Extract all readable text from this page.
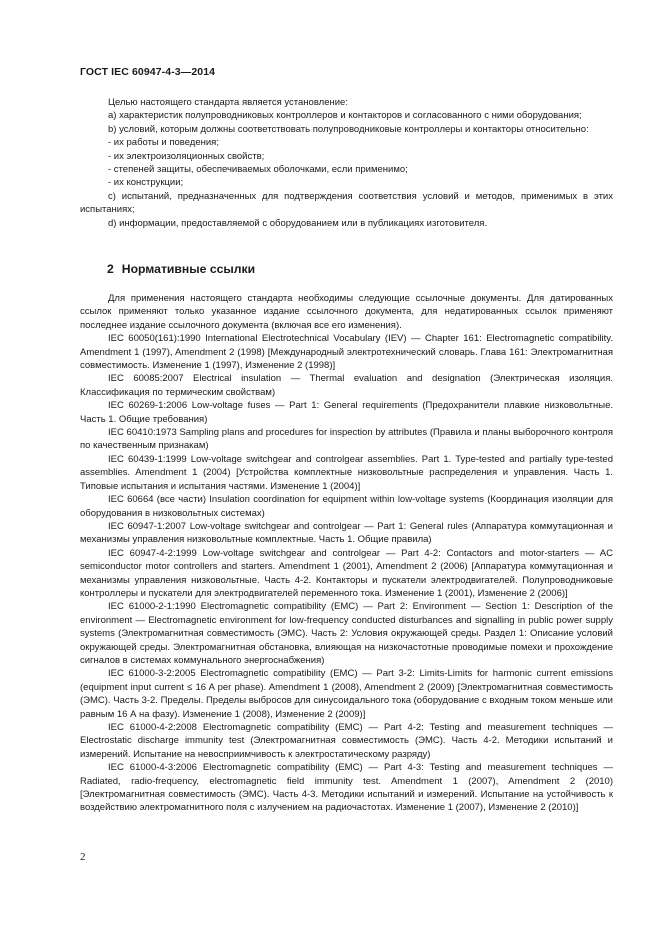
ГОСТ IEC 60947-4-3—2014

Целью настоящего стандарта является установление:

a) характеристик полупроводниковых контроллеров и контакторов и согласованного с ними оборудования;

b) условий, которым должны соответствовать полупроводниковые контроллеры и контакторы относительно:

- их работы и поведения;

- их электроизоляционных свойств;

- степеней защиты, обеспечиваемых оболочками, если применимо;

- их конструкции;

c) испытаний, предназначенных для подтверждения соответствия условий и методов, применимых в этих испытаниях;

d) информации, предоставляемой с оборудованием или в публикациях изготовителя.

2 Нормативные ссылки

Для применения настоящего стандарта необходимы следующие ссылочные документы. Для датированных ссылок применяют только указанное издание ссылочного документа, для недатированных ссылок применяют последнее издание ссылочного документа (включая все его изменения).

IEC 60050(161):1990 International Electrotechnical Vocabulary (IEV) — Chapter 161: Electromagnetic compatibility. Amendment 1 (1997), Amendment 2 (1998) [Международный электротехнический словарь. Глава 161: Электромагнитная совместимость. Изменение 1 (1997), Изменение 2 (1998)]

IEC 60085:2007 Electrical insulation — Thermal evaluation and designation (Электрическая изоляция. Классификация по термическим свойствам)

IEC 60269-1:2006 Low-voltage fuses — Part 1: General requirements (Предохранители плавкие низковольтные. Часть 1. Общие требования)

IEC 60410:1973 Sampling plans and procedures for inspection by attributes (Правила и планы выборочного контроля по качественным признакам)

IEC 60439-1:1999 Low-voltage switchgear and controlgear assemblies. Part 1. Type-tested and partially type-tested assemblies. Amendment 1 (2004) [Устройства комплектные низковольтные распределения и управления. Часть 1. Типовые испытания и испытания частями. Изменение 1 (2004)]

IEC 60664 (все части) Insulation coordination for equipment within low-voltage systems (Координация изоляции для оборудования в низковольтных системах)

IEC 60947-1:2007 Low-voltage switchgear and controlgear — Part 1: General rules (Аппаратура коммутационная и механизмы управления низковольтные комплектные. Часть 1. Общие правила)

IEC 60947-4-2:1999 Low-voltage switchgear and controlgear — Part 4-2: Contactors and motor-starters — AC semiconductor motor controllers and starters. Amendment 1 (2001), Amendment 2 (2006) [Аппаратура коммутационная и механизмы управления низковольтные. Часть 4-2. Контакторы и пускатели электродвигателей. Полупроводниковые контроллеры и пускатели для электродвигателей переменного тока. Изменение 1 (2001), Изменение 2 (2006)]

IEC 61000-2-1:1990 Electromagnetic compatibility (EMC) — Part 2: Environment — Section 1: Description of the environment — Electromagnetic environment for low-frequency conducted disturbances and signalling in public power supply systems (Электромагнитная совместимость (ЭМС). Часть 2: Условия окружающей среды. Раздел 1: Описание условий окружающей среды. Электромагнитная обстановка, влияющая на низкочастотные проводимые помехи и прохождение сигналов в системах коммунального энергоснабжения)

IEC 61000-3-2:2005 Electromagnetic compatibility (EMC) — Part 3-2: Limits-Limits for harmonic current emissions (equipment input current ≤ 16 A per phase). Amendment 1 (2008), Amendment 2 (2009) [Электромагнитная совместимость (ЭМС). Часть 3-2. Пределы. Пределы выбросов для синусоидального тока (оборудование с входным током меньше или равным 16 А на фазу). Изменение 1 (2008), Изменение 2 (2009)]

IEC 61000-4-2:2008 Electromagnetic compatibility (EMC) — Part 4-2: Testing and measurement techniques — Electrostatic discharge immunity test (Электромагнитная совместимость (ЭМС). Часть 4-2. Методики испытаний и измерений. Испытание на невосприимчивость к электростатическому разряду)

IEC 61000-4-3:2006 Electromagnetic compatibility (EMC) — Part 4-3: Testing and measurement techniques — Radiated, radio-frequency, electromagnetic field immunity test. Amendment 1 (2007), Amendment 2 (2010) [Электромагнитная совместимость (ЭМС). Часть 4-3. Методики испытаний и измерений. Испытание на устойчивость к воздействию электромагнитного поля с излучением на радиочастотах. Изменение 1 (2007), Изменение 2 (2010)]

2
